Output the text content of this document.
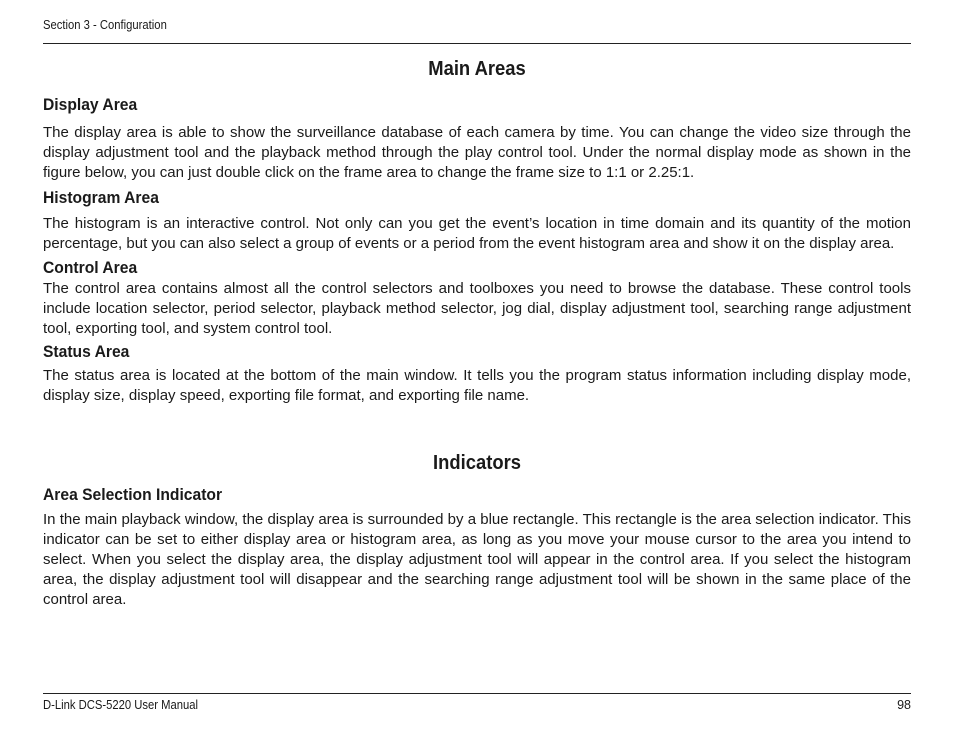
Section 3 - Configuration
Main Areas
Display Area

The display area is able to show the surveillance database of each camera by time. You can change the video size through the display adjustment tool and the playback method through the play control tool. Under the normal display mode as shown in the figure below, you can just double click on the frame area to change the frame size to 1:1 or 2.25:1.

Histogram Area

The histogram is an interactive control. Not only can you get the event’s location in time domain and its quantity of the motion percentage, but you can also select a group of events or a period from the event histogram area and show it on the display area.

Control Area

The control area contains almost all the control selectors and toolboxes you need to browse the database. These control tools include location selector, period selector, playback method selector, jog dial, display adjustment tool, searching range adjustment tool, exporting tool, and system control tool.

Status Area

The status area is located at the bottom of the main window. It tells you the program status information including display mode, display size, display speed, exporting file format, and exporting file name.

Indicators
Area Selection Indicator

In the main playback window, the display area is surrounded by a blue rectangle. This rectangle is the area selection indicator. This indicator can be set to either display area or histogram area, as long as you move your mouse cursor to the area you intend to select. When you select the display area, the display adjustment tool will appear in the control area. If you select the histogram area, the display adjustment tool will disappear and the searching range adjustment tool will be shown in the same place of the control area.

D-Link DCS-5220 User Manual	98
